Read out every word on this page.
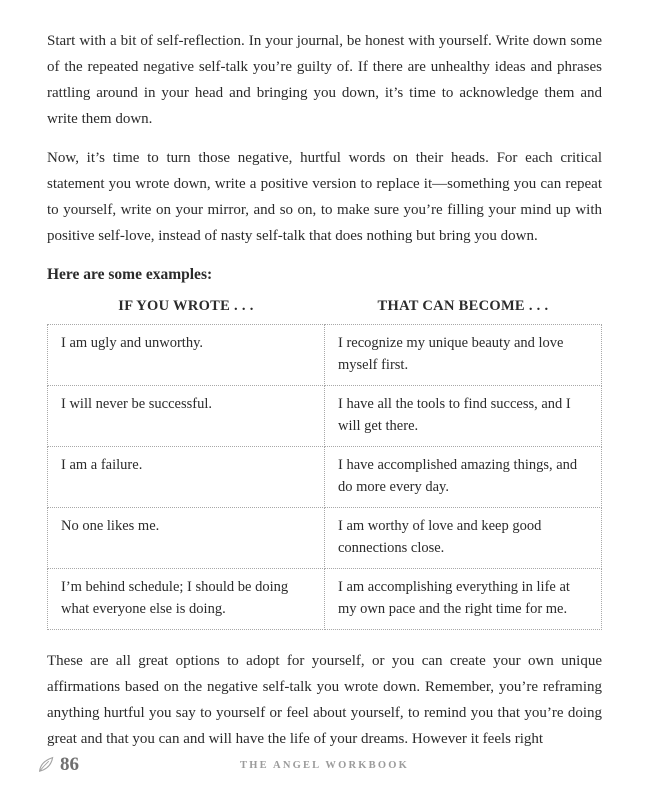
Start with a bit of self-reflection. In your journal, be honest with yourself. Write down some of the repeated negative self-talk you’re guilty of. If there are unhealthy ideas and phrases rattling around in your head and bringing you down, it’s time to acknowledge them and write them down.

Now, it’s time to turn those negative, hurtful words on their heads. For each critical statement you wrote down, write a positive version to replace it—something you can repeat to yourself, write on your mirror, and so on, to make sure you’re filling your mind up with positive self-love, instead of nasty self-talk that does nothing but bring you down.

Here are some examples:

IF YOU WROTE . . .	THAT CAN BECOME . . .
I am ugly and unworthy.	I recognize my unique beauty and love myself first.
I will never be successful.	I have all the tools to find success, and I will get there.
I am a failure.	I have accomplished amazing things, and do more every day.
No one likes me.	I am worthy of love and keep good connections close.
I’m behind schedule; I should be doing what everyone else is doing.	I am accomplishing everything in life at my own pace and the right time for me.

These are all great options to adopt for yourself, or you can create your own unique affirmations based on the negative self-talk you wrote down. Remember, you’re reframing anything hurtful you say to yourself or feel about yourself, to remind you that you’re doing great and that you can and will have the life of your dreams. However it feels right

86	THE ANGEL WORKBOOK
